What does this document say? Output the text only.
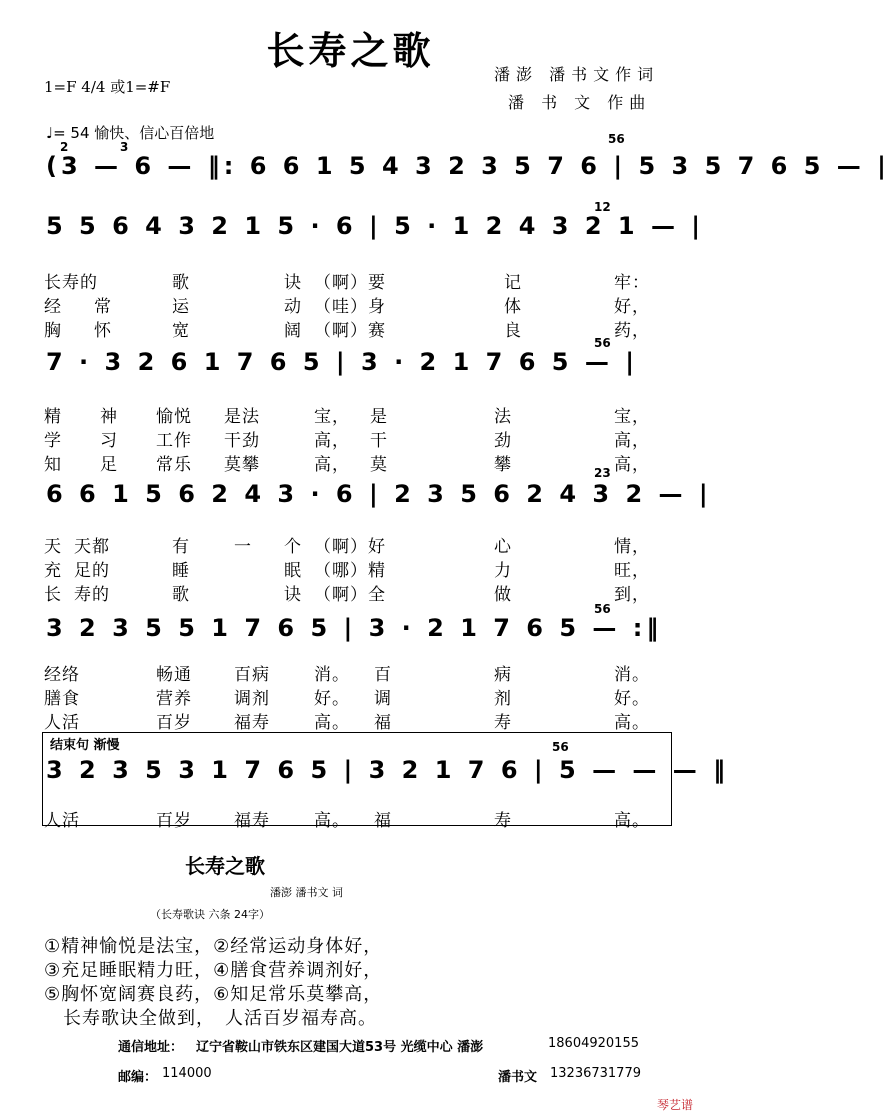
长寿之歌
1=F 4/4 或1=#F
潘澎 潘书文作词
潘 书 文 作曲
♩= 54 愉快、信心百倍地
(3 — 6 — ‖: 6 6 1 5 4 3 2 3 5 7 6 | 5 3 5 7 6 5 — |
5 5 6 4 3 2 1 5 · 6 | 5 · 1 2 4 3 2 1 — |

长寿的	歌	诀 （啊）要	记	牢：

经 常	运	动 （哇）身	体	好，

胸 怀	宽	阔 （啊）赛	良	药，

7 · 3 2 6 1 7 6 5 | 3 · 2 1 7 6 5 — |

精 神 愉悦 是法	宝， 是	法	宝，

学 习 工作 干劲	高， 干	劲	高，

知 足 常乐 莫攀	高， 莫	攀	高，

6 6 1 5 6 2 4 3 · 6 | 2 3 5 6 2 4 3 2 — |

天 天都	有	一 个 （啊）好	心	情，

充 足的	睡	眠 （哪）精	力	旺，

长 寿的	歌	诀 （啊）全	做	到，

3 2 3 5 5 1 7 6 5 | 3 · 2 1 7 6 5 — :‖

经络	畅通 百病	消。 百	病	消。

膳食	营养 调剂	好。 调	剂	好。

人活	百岁 福寿	高。 福	寿	高。

结束句 渐慢
3 2 3 5 3 1 7 6 5 | 3 2 1 7 6 | 5 — — — ‖

人活	百岁 福寿	高。 福	寿	高。

2	3
56
12
56
23
56
56
长寿之歌
潘澎 潘书文 词
（长寿歌诀 六条 24字）
①精神愉悦是法宝，②经常运动身体好，
③充足睡眠精力旺，④膳食营养调剂好，
⑤胸怀宽阔赛良药，⑥知足常乐莫攀高，
　长寿歌诀全做到，　人活百岁福寿高。
通信地址： 辽宁省鞍山市铁东区建国大道53号 光缆中心 潘澎	18604920155
邮编： 114000	潘书文 13236731779
琴艺谱
